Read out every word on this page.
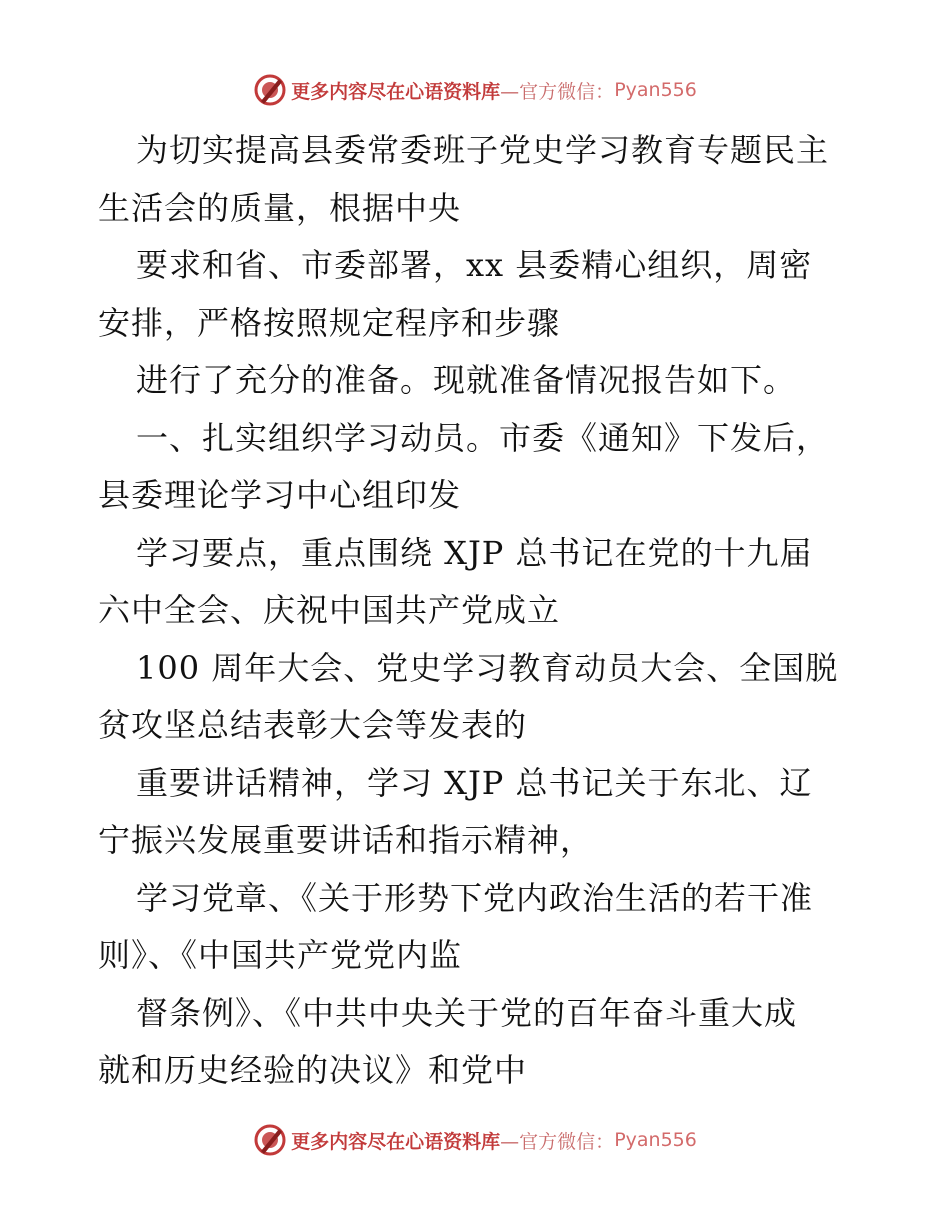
更多内容尽在心语资料库 —官方微信： Pyan556
为切实提高县委常委班子党史学习教育专题民主
生活会的质量，根据中央
要求和省、市委部署，xx 县委精心组织，周密
安排，严格按照规定程序和步骤
进行了充分的准备。现就准备情况报告如下。
一、扎实组织学习动员。市委《通知》下发后，
县委理论学习中心组印发
学习要点，重点围绕 XJP 总书记在党的十九届
六中全会、庆祝中国共产党成立
100 周年大会、党史学习教育动员大会、全国脱
贫攻坚总结表彰大会等发表的
重要讲话精神，学习 XJP 总书记关于东北、辽
宁振兴发展重要讲话和指示精神，
学习党章、《关于形势下党内政治生活的若干准
则》、《中国共产党党内监
督条例》、《中共中央关于党的百年奋斗重大成
就和历史经验的决议》和党中
更多内容尽在心语资料库 —官方微信： Pyan556
